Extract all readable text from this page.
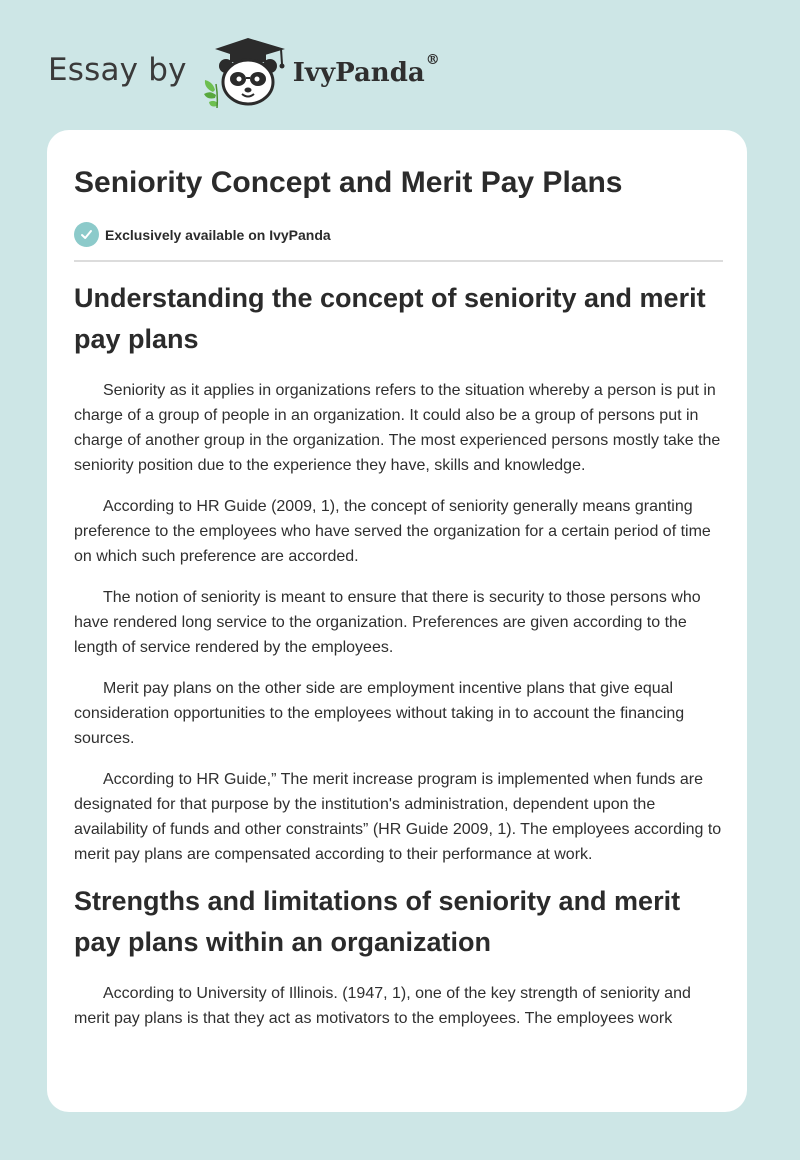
Essay by	IvyPanda®
Seniority Concept and Merit Pay Plans
Exclusively available on IvyPanda
Understanding the concept of seniority and merit pay plans

Seniority as it applies in organizations refers to the situation whereby a person is put in charge of a group of people in an organization. It could also be a group of persons put in charge of another group in the organization. The most experienced persons mostly take the seniority position due to the experience they have, skills and knowledge.

According to HR Guide (2009, 1), the concept of seniority generally means granting preference to the employees who have served the organization for a certain period of time on which such preference are accorded.

The notion of seniority is meant to ensure that there is security to those persons who have rendered long service to the organization. Preferences are given according to the length of service rendered by the employees.

Merit pay plans on the other side are employment incentive plans that give equal consideration opportunities to the employees without taking in to account the financing sources.

According to HR Guide,” The merit increase program is implemented when funds are designated for that purpose by the institution's administration, dependent upon the availability of funds and other constraints” (HR Guide 2009, 1). The employees according to merit pay plans are compensated according to their performance at work.

Strengths and limitations of seniority and merit pay plans within an organization

According to University of Illinois. (1947, 1), one of the key strength of seniority and merit pay plans is that they act as motivators to the employees. The employees work
